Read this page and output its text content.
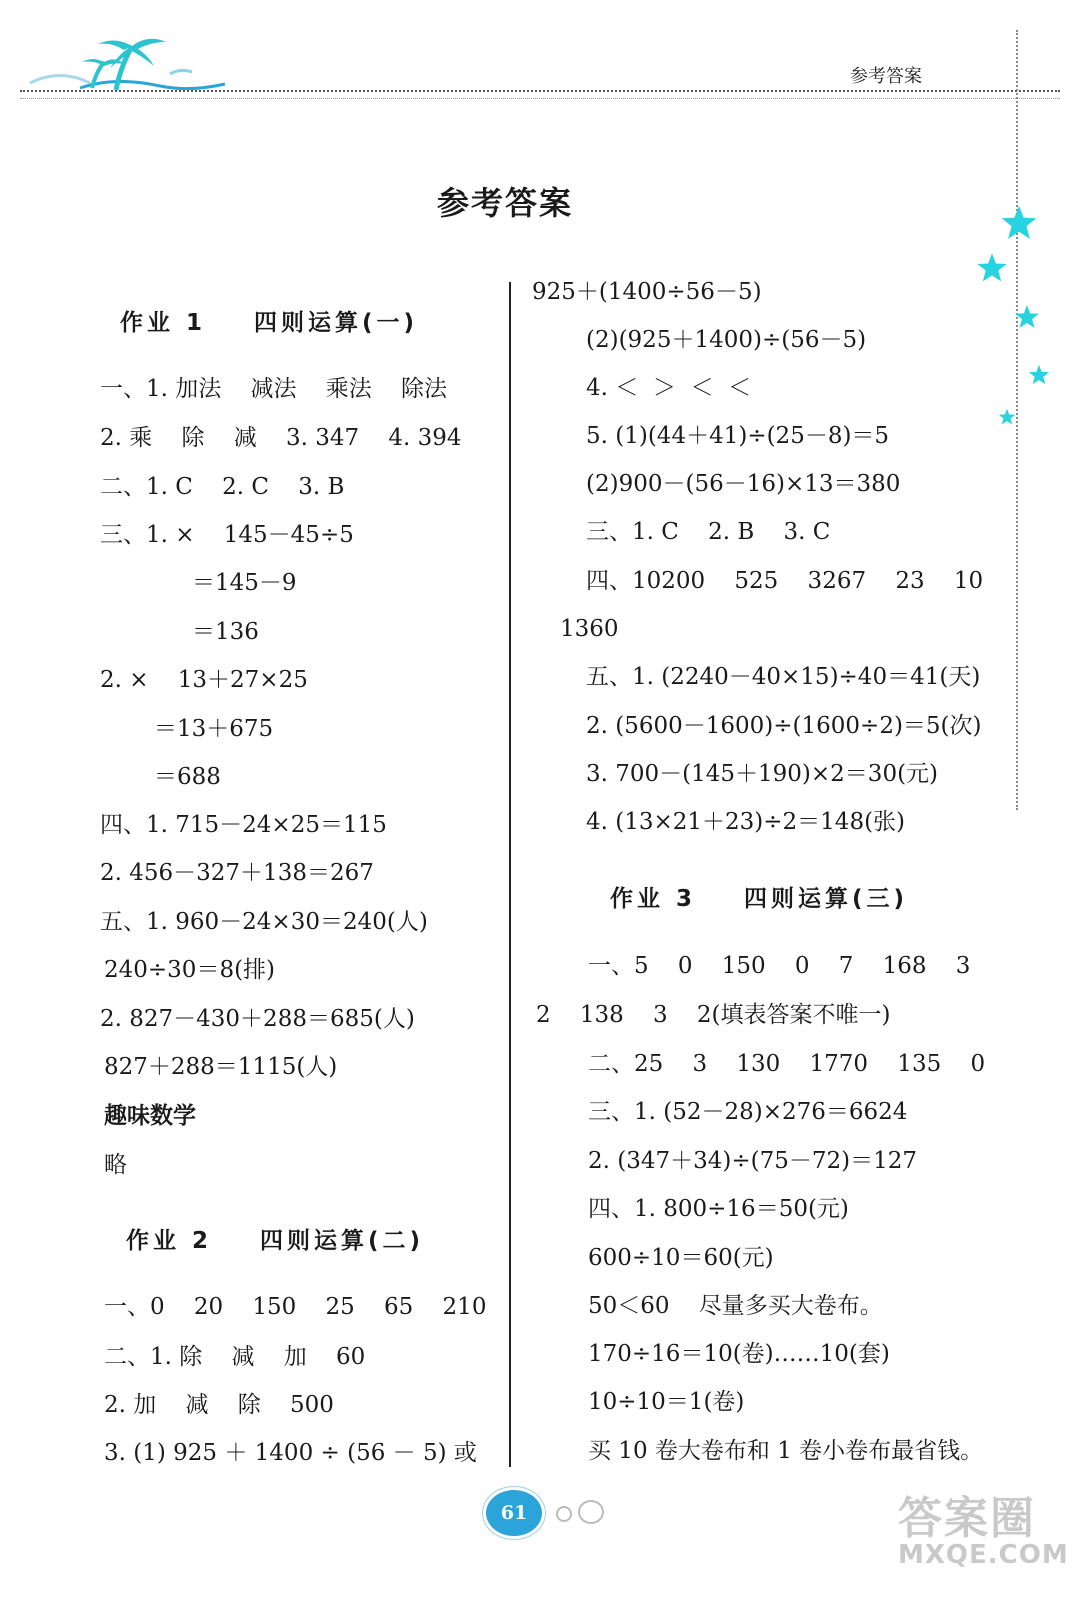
参考答案
参考答案
作业 1    四则运算(一)
一、1. 加法    减法    乘法    除法
2. 乘    除    减    3. 347    4. 394
二、1. C    2. C    3. B
三、1. ×    145－45÷5
＝145－9
＝136
2. ×    13＋27×25
＝13＋675
＝688
四、1. 715－24×25＝115
2. 456－327＋138＝267
五、1. 960－24×30＝240(人)
240÷30＝8(排)
2. 827－430＋288＝685(人)
827＋288＝1115(人)
趣味数学
略
作业 2    四则运算(二)
一、0    20    150    25    65    210
二、1. 除    减    加    60
2. 加    减    除    500
3. (1) 925 ＋ 1400 ÷ (56 － 5) 或
925＋(1400÷56－5)
(2)(925＋1400)÷(56－5)
4. ＜  ＞  ＜  ＜
5. (1)(44＋41)÷(25－8)＝5
(2)900－(56－16)×13＝380
三、1. C    2. B    3. C
四、10200    525    3267    23    10
1360
五、1. (2240－40×15)÷40＝41(天)
2. (5600－1600)÷(1600÷2)＝5(次)
3. 700－(145＋190)×2＝30(元)
4. (13×21＋23)÷2＝148(张)
作业 3    四则运算(三)
一、5    0    150    0    7    168    3
2    138    3    2(填表答案不唯一)
二、25    3    130    1770    135    0
三、1. (52－28)×276＝6624
2. (347＋34)÷(75－72)＝127
四、1. 800÷16＝50(元)
600÷10＝60(元)
50＜60    尽量多买大卷布。
170÷16＝10(卷)……10(套)
10÷10＝1(卷)
买 10 卷大卷布和 1 卷小卷布最省钱。
61	答案圈
MXQE.COM
